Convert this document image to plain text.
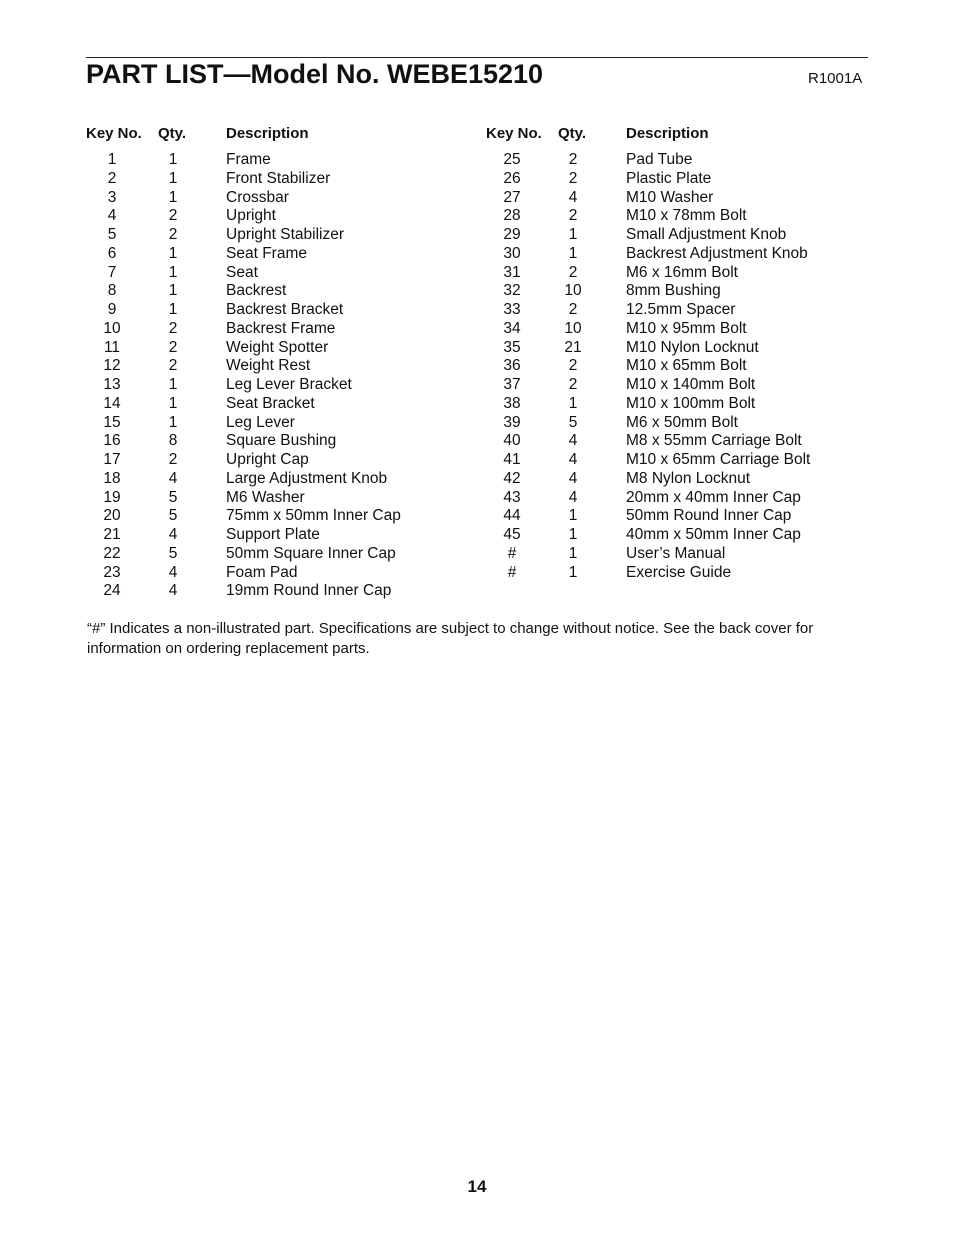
PART LIST—Model No. WEBE15210	R1001A
Key No. Qty.	Description
1	1	Frame
2	1	Front Stabilizer
3	1	Crossbar
4	2	Upright
5	2	Upright Stabilizer
6	1	Seat Frame
7	1	Seat
8	1	Backrest
9	1	Backrest Bracket
10	2	Backrest Frame
11	2	Weight Spotter
12	2	Weight Rest
13	1	Leg Lever Bracket
14	1	Seat Bracket
15	1	Leg Lever
16	8	Square Bushing
17	2	Upright Cap
18	4	Large Adjustment Knob
19	5	M6 Washer
20	5	75mm x 50mm Inner Cap
21	4	Support Plate
22	5	50mm Square Inner Cap
23	4	Foam Pad
24	4	19mm Round Inner Cap
Key No. Qty.	Description
25	2	Pad Tube
26	2	Plastic Plate
27	4	M10 Washer
28	2	M10 x 78mm Bolt
29	1	Small Adjustment Knob
30	1	Backrest Adjustment Knob
31	2	M6 x 16mm Bolt
32	10	8mm Bushing
33	2	12.5mm Spacer
34	10	M10 x 95mm Bolt
35	21	M10 Nylon Locknut
36	2	M10 x 65mm Bolt
37	2	M10 x 140mm Bolt
38	1	M10 x 100mm Bolt
39	5	M6 x 50mm Bolt
40	4	M8 x 55mm Carriage Bolt
41	4	M10 x 65mm Carriage Bolt
42	4	M8 Nylon Locknut
43	4	20mm x 40mm Inner Cap
44	1	50mm Round Inner Cap
45	1	40mm x 50mm Inner Cap
#	1	User’s Manual
#	1	Exercise Guide
“#” Indicates a non-illustrated part. Specifications are subject to change without notice. See the back cover for information on ordering replacement parts.
14
